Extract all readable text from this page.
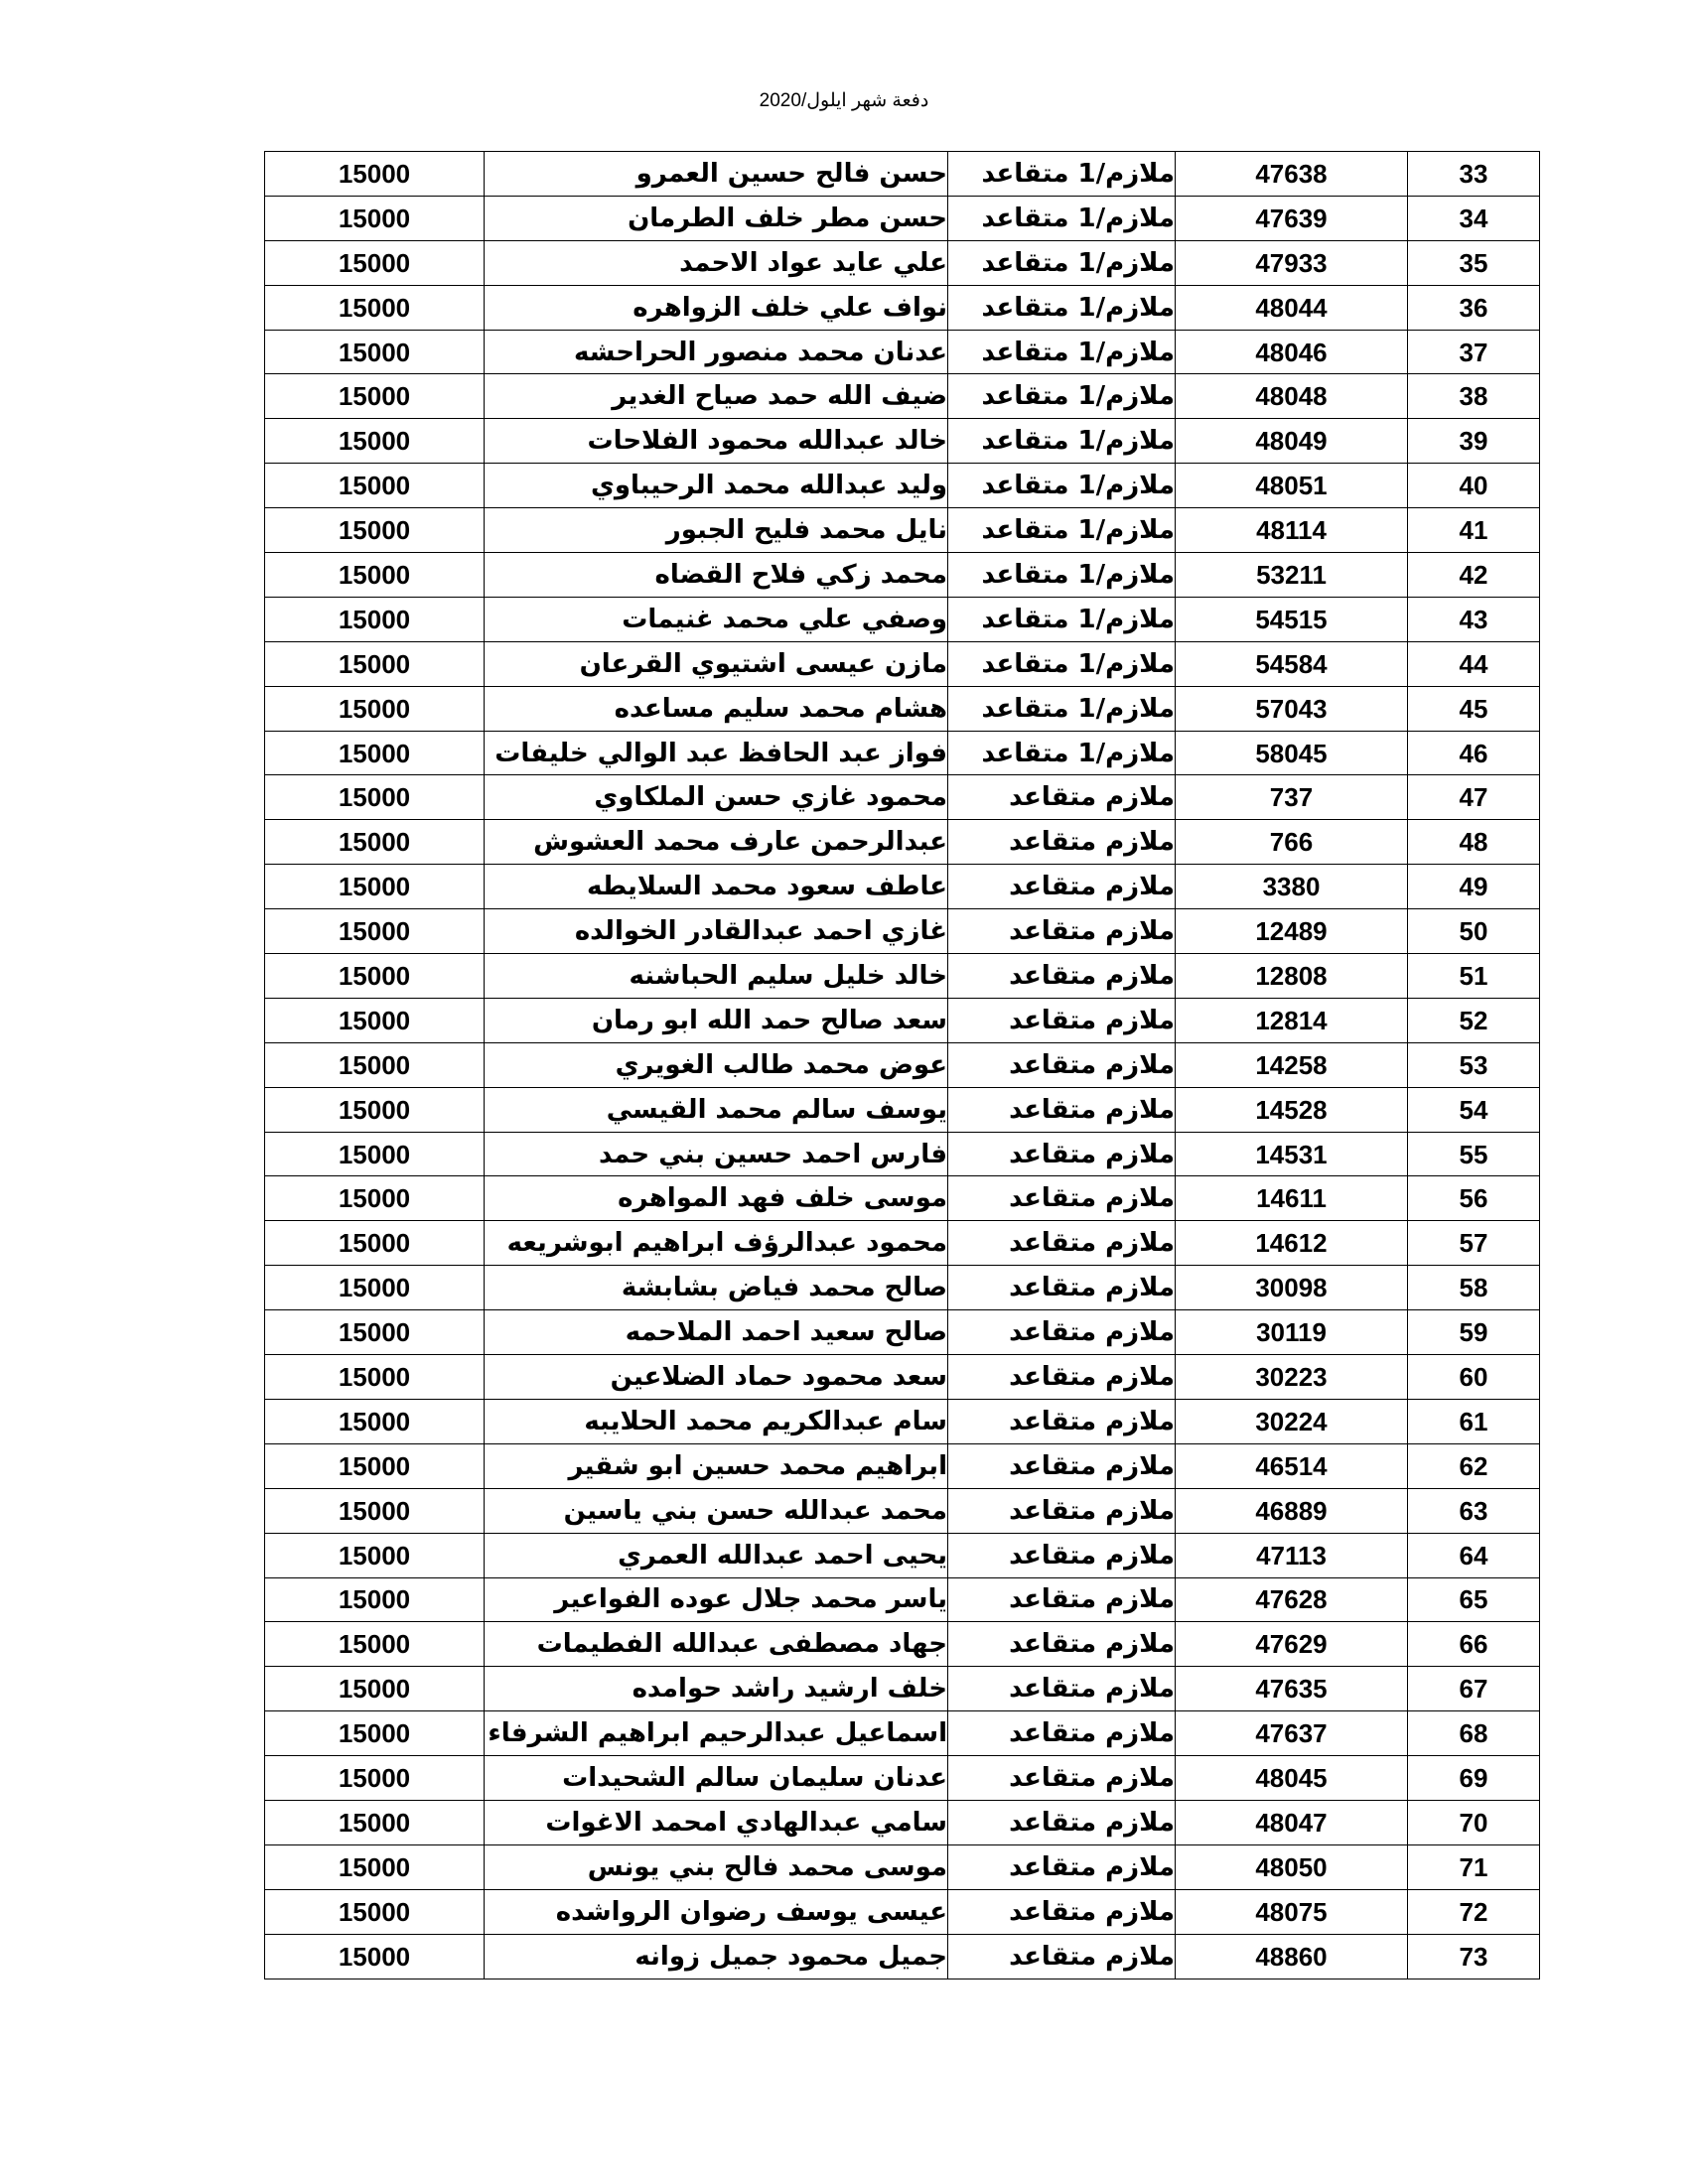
دفعة شهر ايلول/2020
33	47638	ملازم/1 متقاعد	حسن فالح حسين العمرو	15000
34	47639	ملازم/1 متقاعد	حسن مطر خلف الطرمان	15000
35	47933	ملازم/1 متقاعد	علي عايد عواد الاحمد	15000
36	48044	ملازم/1 متقاعد	نواف علي خلف الزواهره	15000
37	48046	ملازم/1 متقاعد	عدنان محمد منصور الحراحشه	15000
38	48048	ملازم/1 متقاعد	ضيف الله حمد صياح الغدير	15000
39	48049	ملازم/1 متقاعد	خالد عبدالله محمود الفلاحات	15000
40	48051	ملازم/1 متقاعد	وليد عبدالله محمد الرحيباوي	15000
41	48114	ملازم/1 متقاعد	نايل محمد فليح الجبور	15000
42	53211	ملازم/1 متقاعد	محمد زكي فلاح القضاه	15000
43	54515	ملازم/1 متقاعد	وصفي علي محمد غنيمات	15000
44	54584	ملازم/1 متقاعد	مازن عيسى اشتيوي القرعان	15000
45	57043	ملازم/1 متقاعد	هشام محمد سليم مساعده	15000
46	58045	ملازم/1 متقاعد	فواز عبد الحافظ عبد الوالي خليفات	15000
47	737	ملازم متقاعد	محمود غازي حسن الملكاوي	15000
48	766	ملازم متقاعد	عبدالرحمن عارف محمد العشوش	15000
49	3380	ملازم متقاعد	عاطف سعود محمد السلايطه	15000
50	12489	ملازم متقاعد	غازي احمد عبدالقادر الخوالده	15000
51	12808	ملازم متقاعد	خالد خليل سليم الحباشنه	15000
52	12814	ملازم متقاعد	سعد صالح حمد الله ابو رمان	15000
53	14258	ملازم متقاعد	عوض محمد طالب الغويري	15000
54	14528	ملازم متقاعد	يوسف سالم محمد القيسي	15000
55	14531	ملازم متقاعد	فارس احمد حسين بني حمد	15000
56	14611	ملازم متقاعد	موسى خلف فهد المواهره	15000
57	14612	ملازم متقاعد	محمود عبدالرؤف ابراهيم ابوشريعه	15000
58	30098	ملازم متقاعد	صالح محمد فياض بشابشة	15000
59	30119	ملازم متقاعد	صالح سعيد احمد الملاحمه	15000
60	30223	ملازم متقاعد	سعد محمود حماد الضلاعين	15000
61	30224	ملازم متقاعد	سام عبدالكريم محمد الحلايبه	15000
62	46514	ملازم متقاعد	ابراهيم محمد حسين ابو شقير	15000
63	46889	ملازم متقاعد	محمد عبدالله حسن بني ياسين	15000
64	47113	ملازم متقاعد	يحيى احمد عبدالله العمري	15000
65	47628	ملازم متقاعد	ياسر محمد جلال عوده الفواعير	15000
66	47629	ملازم متقاعد	جهاد مصطفى عبدالله الفطيمات	15000
67	47635	ملازم متقاعد	خلف ارشيد راشد حوامده	15000
68	47637	ملازم متقاعد	اسماعيل عبدالرحيم ابراهيم الشرفاء	15000
69	48045	ملازم متقاعد	عدنان سليمان سالم الشحيدات	15000
70	48047	ملازم متقاعد	سامي عبدالهادي امحمد الاغوات	15000
71	48050	ملازم متقاعد	موسى محمد فالح بني يونس	15000
72	48075	ملازم متقاعد	عيسى يوسف رضوان الرواشده	15000
73	48860	ملازم متقاعد	جميل محمود جميل زوانه	15000
